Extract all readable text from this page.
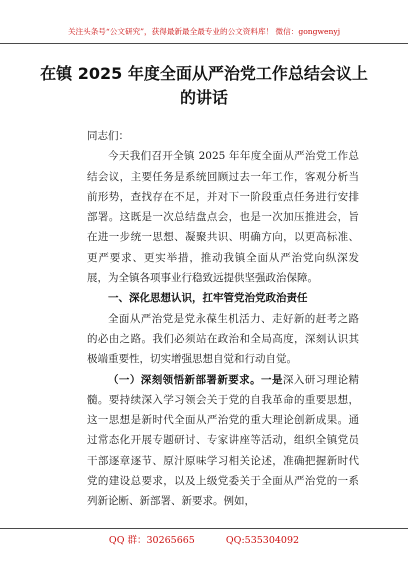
关注头条号“公文研究”，获得最新最全最专业的公文资料库！ 微信：gongwenyj
在镇 2025 年度全面从严治党工作总结会议上的讲话

同志们：

今天我们召开全镇 2025 年年度全面从严治党工作总结会议，主要任务是系统回顾过去一年工作，客观分析当前形势，查找存在不足，并对下一阶段重点任务进行安排部署。这既是一次总结盘点会，也是一次加压推进会，旨在进一步统一思想、凝聚共识、明确方向，以更高标准、更严要求、更实举措，推动我镇全面从严治党向纵深发展，为全镇各项事业行稳致远提供坚强政治保障。

一、深化思想认识，扛牢管党治党政治责任

全面从严治党是党永葆生机活力、走好新的赶考之路的必由之路。我们必须站在政治和全局高度，深刻认识其极端重要性，切实增强思想自觉和行动自觉。

（一）深刻领悟新部署新要求。一是深入研习理论精髓。要持续深入学习领会关于党的自我革命的重要思想，这一思想是新时代全面从严治党的重大理论创新成果。通过常态化开展专题研讨、专家讲座等活动，组织全镇党员干部逐章逐节、原汁原味学习相关论述，准确把握新时代党的建设总要求，以及上级党委关于全面从严治党的一系列新论断、新部署、新要求。例如，

QQ 群：30265665	QQ:535304092
